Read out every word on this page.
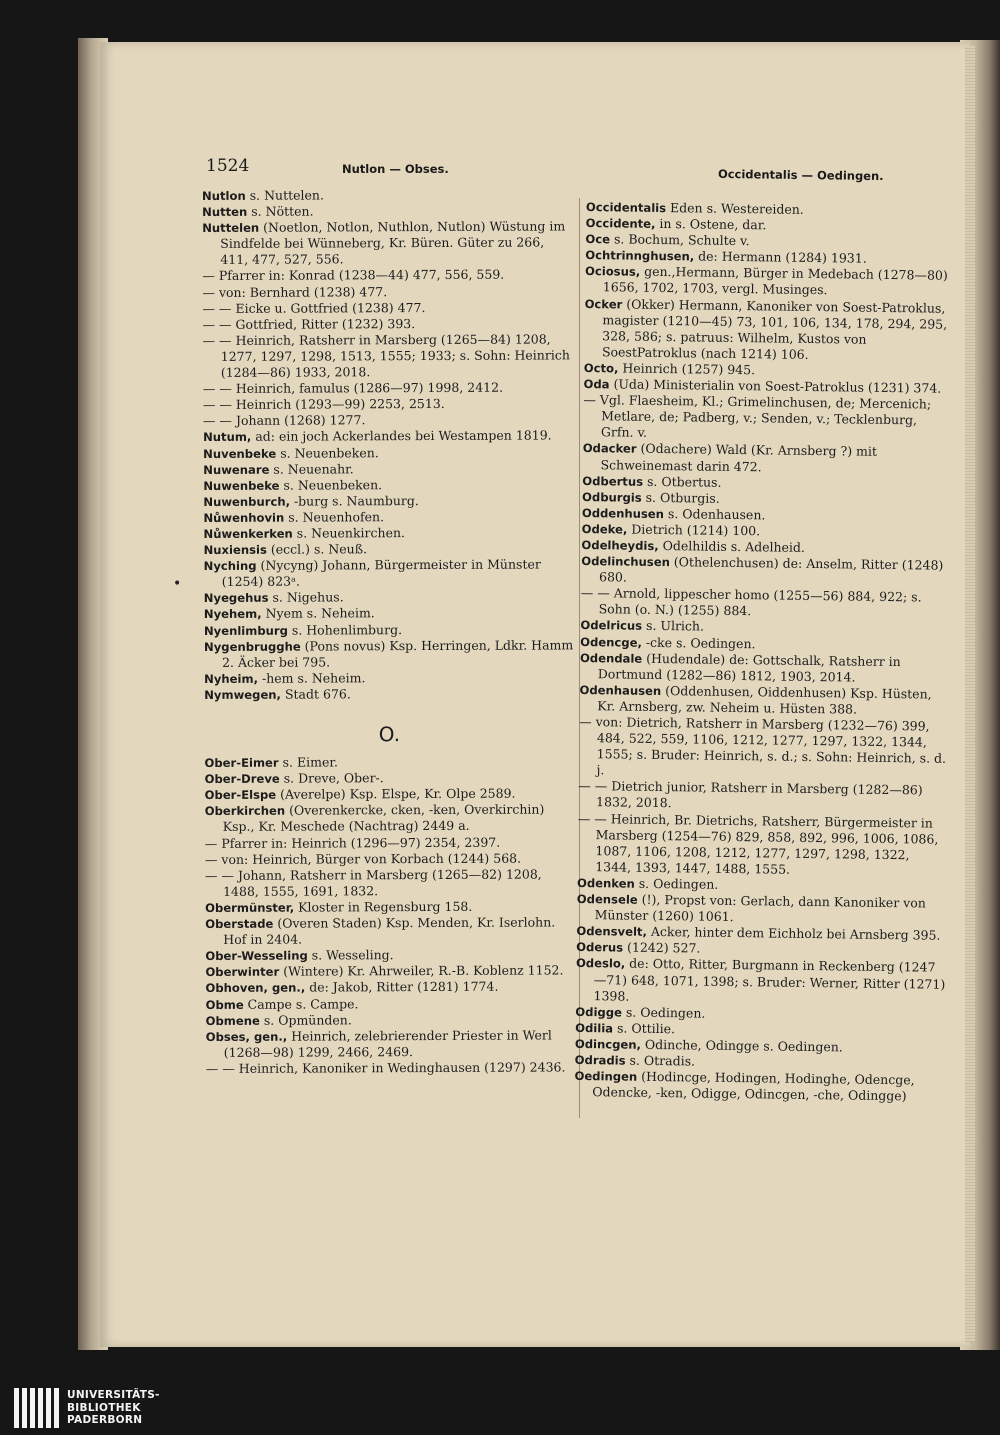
1524	Nutlon — Obses.	Occidentalis — Oedingen.
•

Nutlon s. Nuttelen.

Nutten s. Nötten.

Nuttelen (Noetlon, Notlon, Nuthlon, Nutlon) Wüstung im Sindfelde bei Wünneberg, Kr. Büren. Güter zu 266, 411, 477, 527, 556.

— Pfarrer in: Konrad (1238—44) 477, 556, 559.

— von: Bernhard (1238) 477.

— — Eicke u. Gottfried (1238) 477.

— — Gottfried, Ritter (1232) 393.

— — Heinrich, Ratsherr in Marsberg (1265—84) 1208, 1277, 1297, 1298, 1513, 1555; 1933; s. Sohn: Heinrich (1284—86) 1933, 2018.

— — Heinrich, famulus (1286—97) 1998, 2412.

— — Heinrich (1293—99) 2253, 2513.

— — Johann (1268) 1277.

Nutum, ad: ein joch Ackerlandes bei Westampen 1819.

Nuvenbeke s. Neuenbeken.

Nuwenare s. Neuenahr.

Nuwenbeke s. Neuenbeken.

Nuwenburch, -burg s. Naumburg.

Nůwenhovin s. Neuenhofen.

Nůwenkerken s. Neuenkirchen.

Nuxiensis (eccl.) s. Neuß.

Nyching (Nycyng) Johann, Bürgermeister in Münster (1254) 823ᵃ.

Nyegehus s. Nigehus.

Nyehem, Nyem s. Neheim.

Nyenlimburg s. Hohenlimburg.

Nygenbrugghe (Pons novus) Ksp. Herringen, Ldkr. Hamm 2. Äcker bei 795.

Nyheim, -hem s. Neheim.

Nymwegen, Stadt 676.

O.

Ober-Eimer s. Eimer.

Ober-Dreve s. Dreve, Ober-.

Ober-Elspe (Averelpe) Ksp. Elspe, Kr. Olpe 2589.

Oberkirchen (Overenkercke, cken, -ken, Overkirchin) Ksp., Kr. Meschede (Nachtrag) 2449 a.

— Pfarrer in: Heinrich (1296—97) 2354, 2397.

— von: Heinrich, Bürger von Korbach (1244) 568.

— — Johann, Ratsherr in Marsberg (1265—82) 1208, 1488, 1555, 1691, 1832.

Obermünster, Kloster in Regensburg 158.

Oberstade (Overen Staden) Ksp. Menden, Kr. Iserlohn. Hof in 2404.

Ober-Wesseling s. Wesseling.

Oberwinter (Wintere) Kr. Ahrweiler, R.-B. Koblenz 1152.

Obhoven, gen., de: Jakob, Ritter (1281) 1774.

Obme Campe s. Campe.

Obmene s. Opmünden.

Obses, gen., Heinrich, zelebrierender Priester in Werl (1268—98) 1299, 2466, 2469.

— — Heinrich, Kanoniker in Wedinghausen (1297) 2436.

Occidentalis Eden s. Westereiden.

Occidente, in s. Ostene, dar.

Oce s. Bochum, Schulte v.

Ochtrinnghusen, de: Hermann (1284) 1931.

Ociosus, gen.,Hermann, Bürger in Medebach (1278—80) 1656, 1702, 1703, vergl. Musinges.

Ocker (Okker) Hermann, Kanoniker von Soest-Patroklus, magister (1210—45) 73, 101, 106, 134, 178, 294, 295, 328, 586; s. patruus: Wilhelm, Kustos von SoestPatroklus (nach 1214) 106.

Octo, Heinrich (1257) 945.

Oda (Uda) Ministerialin von Soest-Patroklus (1231) 374.

— Vgl. Flaesheim, Kl.; Grimelinchusen, de; Mercenich; Metlare, de; Padberg, v.; Senden, v.; Tecklenburg, Grfn. v.

Odacker (Odachere) Wald (Kr. Arnsberg ?) mit Schweinemast darin 472.

Odbertus s. Otbertus.

Odburgis s. Otburgis.

Oddenhusen s. Odenhausen.

Odeke, Dietrich (1214) 100.

Odelheydis, Odelhildis s. Adelheid.

Odelinchusen (Othelenchusen) de: Anselm, Ritter (1248) 680.

— — Arnold, lippescher homo (1255—56) 884, 922; s. Sohn (o. N.) (1255) 884.

Odelricus s. Ulrich.

Odencge, -cke s. Oedingen.

Odendale (Hudendale) de: Gottschalk, Ratsherr in Dortmund (1282—86) 1812, 1903, 2014.

Odenhausen (Oddenhusen, Oiddenhusen) Ksp. Hüsten, Kr. Arnsberg, zw. Neheim u. Hüsten 388.

— von: Dietrich, Ratsherr in Marsberg (1232—76) 399, 484, 522, 559, 1106, 1212, 1277, 1297, 1322, 1344, 1555; s. Bruder: Heinrich, s. d.; s. Sohn: Heinrich, s. d. j.

— — Dietrich junior, Ratsherr in Marsberg (1282—86) 1832, 2018.

— — Heinrich, Br. Dietrichs, Ratsherr, Bürgermeister in Marsberg (1254—76) 829, 858, 892, 996, 1006, 1086, 1087, 1106, 1208, 1212, 1277, 1297, 1298, 1322, 1344, 1393, 1447, 1488, 1555.

Odenken s. Oedingen.

Odensele (!), Propst von: Gerlach, dann Kanoniker von Münster (1260) 1061.

Odensvelt, Acker, hinter dem Eichholz bei Arnsberg 395.

Oderus (1242) 527.

Odeslo, de: Otto, Ritter, Burgmann in Reckenberg (1247—71) 648, 1071, 1398; s. Bruder: Werner, Ritter (1271) 1398.

Odigge s. Oedingen.

Odilia s. Ottilie.

Odincgen, Odinche, Odingge s. Oedingen.

Odradis s. Otradis.

Oedingen (Hodincge, Hodingen, Hodinghe, Odencge, Odencke, -ken, Odigge, Odincgen, -che, Odingge)

UNIVERSITÄTS-
BIBLIOTHEK
PADERBORN
